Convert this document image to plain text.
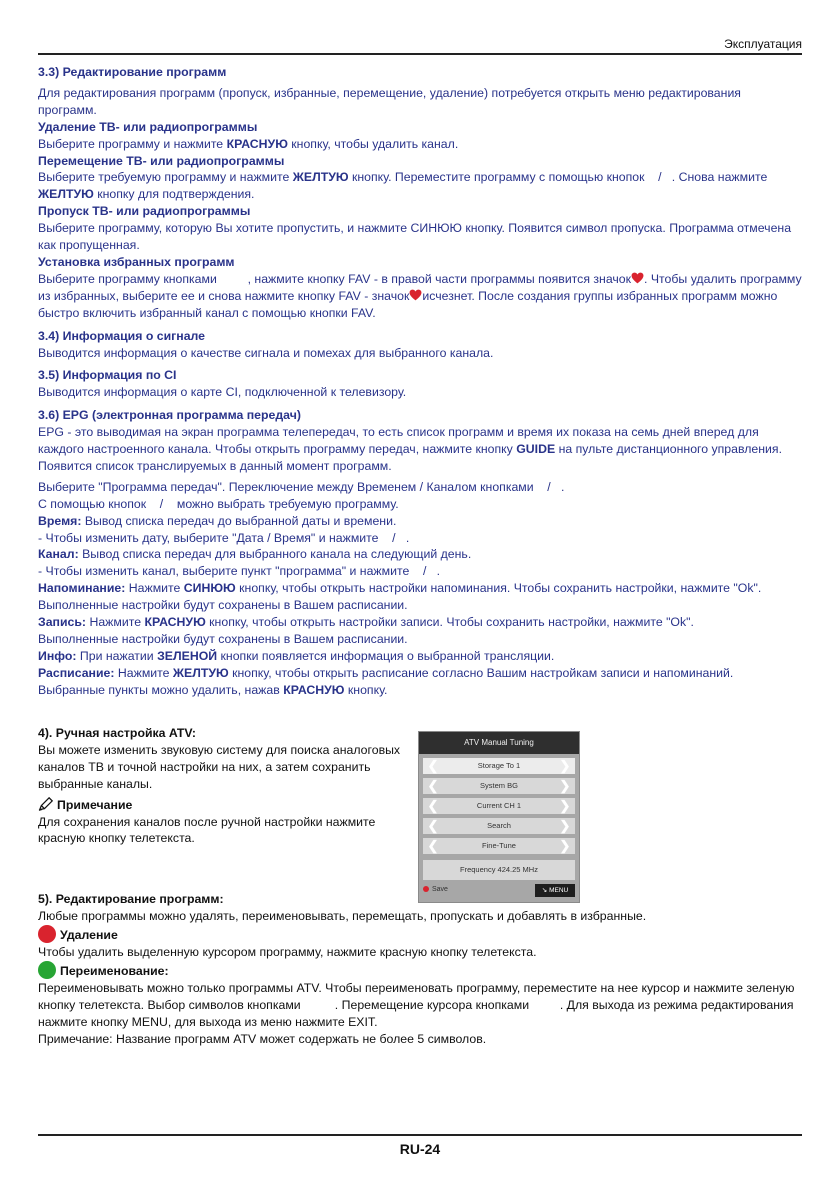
Эксплуатация

3.3) Редактирование программ

Для редактирования программ (пропуск, избранные, перемещение, удаление) потребуется открыть меню редактирования программ.

Удаление ТВ- или радиопрограммы

Выберите программу и нажмите КРАСНУЮ кнопку, чтобы удалить канал.

Перемещение ТВ- или радиопрограммы

Выберите требуемую программу и нажмите ЖЕЛТУЮ кнопку. Переместите программу с помощью кнопок    /   . Снова нажмите ЖЕЛТУЮ кнопку для подтверждения.

Пропуск ТВ- или радиопрограммы

Выберите программу, которую Вы хотите пропустить, и нажмите СИНЮЮ кнопку. Появится символ пропуска. Программа отмечена как пропущенная.

Установка избранных программ

Выберите программу кнопками         , нажмите кнопку FAV - в правой части программы появится значок . Чтобы удалить программу из избранных, выберите ее и снова нажмите кнопку FAV - значок исчезнет. После создания группы избранных программ можно быстро включить избранный канал с помощью кнопки FAV.

3.4) Информация о сигнале

Выводится информация о качестве сигнала и помехах для выбранного канала.

3.5) Информация по CI

Выводится информация о карте CI, подключенной к телевизору.

3.6) EPG (электронная программа передач)

EPG - это выводимая на экран программа телепередач, то есть список программ и время их показа на семь дней вперед для каждого настроенного канала. Чтобы открыть программу передач, нажмите кнопку GUIDE на пульте дистанционного управления. Появится список транслируемых в данный момент программ.

Выберите "Программа передач". Переключение между Временем / Каналом кнопками    /   .

С помощью кнопок    /    можно выбрать требуемую программу.

Время: Вывод списка передач до выбранной даты и времени.

- Чтобы изменить дату, выберите "Дата / Время" и нажмите    /   .

Канал: Вывод списка передач для выбранного канала на следующий день.

- Чтобы изменить канал, выберите пункт "программа" и нажмите    /   .

Напоминание: Нажмите СИНЮЮ кнопку, чтобы открыть настройки напоминания. Чтобы сохранить настройки, нажмите "Ok".

Выполненные настройки будут сохранены в Вашем расписании.

Запись: Нажмите КРАСНУЮ кнопку, чтобы открыть настройки записи. Чтобы сохранить настройки, нажмите "Ok".

Выполненные настройки будут сохранены в Вашем расписании.

Инфо: При нажатии ЗЕЛЕНОЙ кнопки появляется информация о выбранной трансляции.

Расписание: Нажмите ЖЕЛТУЮ кнопку, чтобы открыть расписание согласно Вашим настройкам записи и напоминаний.

Выбранные пункты можно удалить, нажав КРАСНУЮ кнопку.

4). Ручная настройка ATV:

Вы можете изменить звуковую систему для поиска аналоговых каналов ТВ и точной настройки на них, а затем сохранить выбранные каналы.

Примечание

Для сохранения каналов после ручной настройки нажмите красную кнопку телетекста.

5). Редактирование программ:

Любые программы можно удалять, переименовывать, перемещать, пропускать и добавлять в избранные.

Удаление

Чтобы удалить выделенную курсором программу, нажмите красную кнопку телетекста.

Переименование:

Переименовывать можно только программы ATV. Чтобы переименовать программу, переместите на нее курсор и нажмите зеленую кнопку телетекста. Выбор символов кнопками          . Перемещение курсора кнопками         . Для выхода из режима редактирования нажмите кнопку MENU, для выхода из меню нажмите EXIT.

Примечание: Название программ ATV может содержать не более 5 символов.

ATV Manual Tuning
❮	Storage To 1	❯
❮	System BG	❯
❮	Current CH 1	❯
❮	Search	❯
❮	Fine-Tune	❯
Frequency 424.25 MHz
Save	↘ MENU
RU-24
